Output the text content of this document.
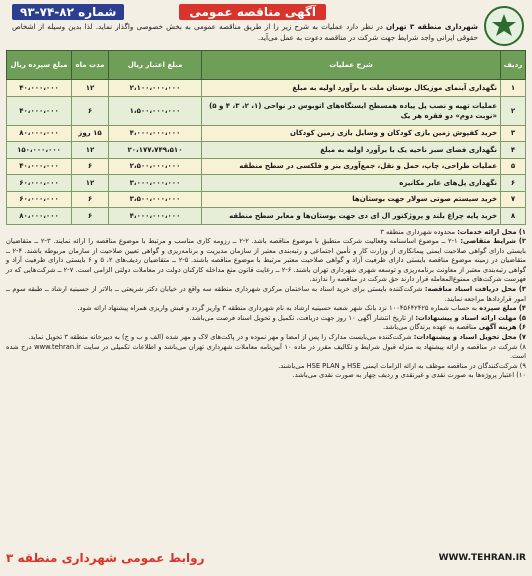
آگهی مناقصه عمومی
شماره ۸۲-۷۴-۹۳
شهرداری منطقه ۳ تهران در نظر دارد عملیات به شرح زیر را از طریق مناقصه عمومی به بخش خصوصی واگذار نماید. لذا بدین وسیله از اشخاص حقوقی ایرانی واجد شرایط جهت شرکت در مناقصه دعوت به عمل می‌آید.
ردیف	شرح عملیات	مبلغ اعتبار ریال	مدت ماه	مبلغ سپرده ریال
۱	نگهداری آبنمای موزیکال بوستان ملت با برآورد اولیه به مبلغ	۲،۱۰۰،۰۰۰،۰۰۰	۱۲	۴۰،۰۰۰،۰۰۰
۲	عملیات تهیه و نصب پل پیاده همسطح ایستگاه‌های اتوبوس در نواحی (۱، ۲، ۳، ۴ و ۵) «نوبت دوم» دو فقره هر یک	۱،۵۰۰،۰۰۰،۰۰۰	۶	۴۰،۰۰۰،۰۰۰
۳	خرید کفپوش زمین بازی کودکان و وسایل بازی زمین کودکان	۴،۰۰۰،۰۰۰،۰۰۰	۱۵ روز	۸۰،۰۰۰،۰۰۰
۴	نگهداری فضای سبز ناحیه یک با برآورد اولیه به مبلغ	۲۰،۱۷۷،۷۴۹،۵۱۰	۱۲	۱۵۰،۰۰۰،۰۰۰
۵	عملیات طراحی، چاپ، حمل و نقل، جمع‌آوری بنر و فلکسی در سطح منطقه	۲،۵۰۰،۰۰۰،۰۰۰	۶	۴۰،۰۰۰،۰۰۰
۶	نگهداری پل‌های عابر مکانیزه	۳،۰۰۰،۰۰۰،۰۰۰	۱۲	۶۰،۰۰۰،۰۰۰
۷	خرید سیستم صوتی سولار جهت بوستان‌ها	۳،۵۰۰،۰۰۰،۰۰۰	۶	۶۰،۰۰۰،۰۰۰
۸	خرید پایه چراغ بلند و پروژکتور ال ای دی جهت بوستان‌ها و معابر سطح منطقه	۴،۰۰۰،۰۰۰،۰۰۰	۶	۸۰،۰۰۰،۰۰۰

۱) محل ارائه خدمات: محدوده شهرداری منطقه ۳

۲) شرایط متقاضی: ۱-۲ ــ موضوع اساسنامه وفعالیت شرکت منطبق با موضوع مناقصه باشد. ۲-۲ ــ رزومه کاری مناسب و مرتبط با موضوع مناقصه را ارائه نمایند. ۳-۲ ــ متقاضیان بایستی دارای گواهی صلاحیت ایمنی پیمانکاری از وزارت کار و تأمین اجتماعی و رتبه‌بندی معتبر از سازمان مدیریت و برنامه‌ریزی و گواهی تعیین صلاحیت از سازمان مربوطه باشند. ۴-۲ ــ متقاضیان در زمینه موضوع مناقصه بایستی دارای ظرفیت آزاد و گواهی صلاحیت معتبر مرتبط با موضوع مناقصه باشند. ۵-۲ ــ متقاضیان ردیف‌های ۲، ۵ و ۶ بایستی دارای ظرفیت آزاد و گواهی رتبه‌بندی معتبر از معاونت برنامه‌ریزی و توسعه شهری شهرداری تهران باشند. ۶-۲ ــ رعایت قانون منع مداخله کارکنان دولت در معاملات دولتی الزامی است. ۷-۲ ــ شرکت‌هایی که در فهرست شرکت‌های ممنوع‌المعامله قرار دارند حق شرکت در مناقصه را ندارند.

۳) محل دریافت اسناد مناقصه: شرکت‌کننده بایستی برای خرید اسناد به ساختمان مرکزی شهرداری منطقه سه واقع در خیابان دکتر شریعتی ــ بالاتر از حسینیه ارشاد ــ طبقه سوم ــ امور قراردادها مراجعه نمایند.

۴) مبلغ سپرده به حساب شماره ۱۰۰۴۵۶۴۲۴۲۵ نزد بانک شهر شعبه حسینیه ارشاد به نام شهرداری منطقه ۳ واریز گردد و فیش واریزی همراه پیشنهاد ارائه شود.

۵) مهلت ارائه اسناد و پیشنهادات: از تاریخ انتشار آگهی ۱۰ روز جهت دریافت، تکمیل و تحویل اسناد فرصت می‌باشد.

۶) هزینه آگهی مناقصه به عهده برندگان می‌باشد.

۷) محل تحویل اسناد و پیشنهادات: شرکت‌کننده می‌بایست مدارک را پس از امضا و مهر نموده و در پاکت‌های لاک و مهر شده (الف و ب و ج) به دبیرخانه منطقه ۳ تحویل نماید.

۸) شرکت در مناقصه و ارائه پیشنهاد به منزله قبول شرایط و تکالیف مقرر در ماده ۱۰ آیین‌نامه معاملات شهرداری تهران می‌باشد و اطلاعات تکمیلی در سایت www.tehran.ir درج شده است.

۹) شرکت‌کنندگان در مناقصه موظف به ارائه الزامات ایمنی HSE و HSE PLAN می‌باشند.

۱۰) اعتبار پروژه‌ها به صورت نقدی و غیرنقدی و ردیف چهار به صورت نقدی می‌باشد.

WWW.TEHRAN.IR
روابط عمومی شهرداری منطقه ۳
